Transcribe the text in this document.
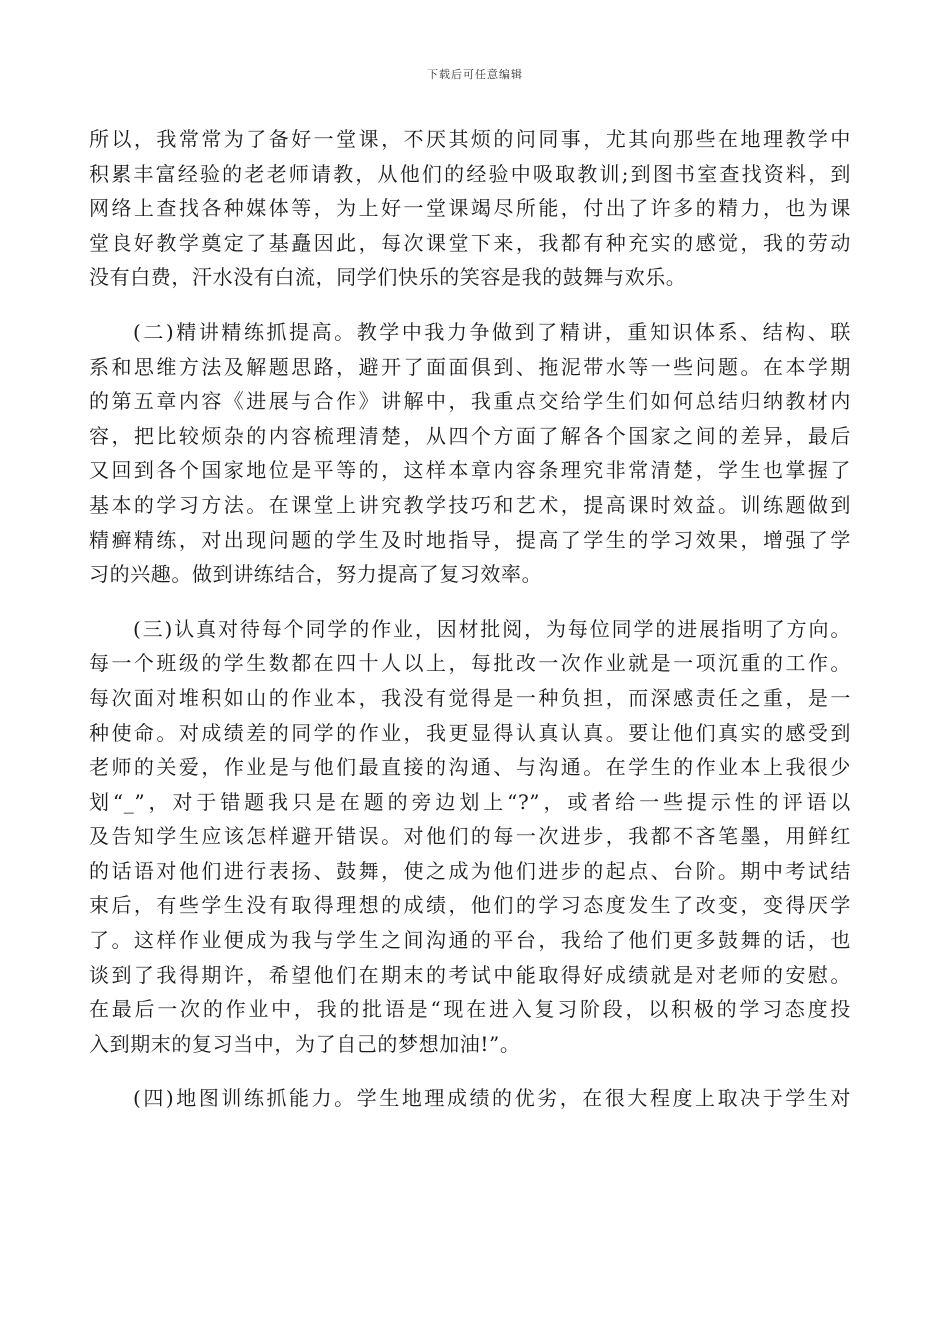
下载后可任意编辑
所以，我常常为了备好一堂课，不厌其烦的问同事，尤其向那些在地理教学中
积累丰富经验的老老师请教，从他们的经验中吸取教训;到图书室查找资料，到
网络上查找各种媒体等，为上好一堂课竭尽所能，付出了许多的精力，也为课
堂良好教学奠定了基矗因此，每次课堂下来，我都有种充实的感觉，我的劳动
没有白费，汗水没有白流，同学们快乐的笑容是我的鼓舞与欢乐。
(二)精讲精练抓提高。教学中我力争做到了精讲，重知识体系、结构、联
系和思维方法及解题思路，避开了面面俱到、拖泥带水等一些问题。在本学期
的第五章内容《进展与合作》讲解中，我重点交给学生们如何总结归纳教材内
容，把比较烦杂的内容梳理清楚，从四个方面了解各个国家之间的差异，最后
又回到各个国家地位是平等的，这样本章内容条理究非常清楚，学生也掌握了
基本的学习方法。在课堂上讲究教学技巧和艺术，提高课时效益。训练题做到
精癣精练，对出现问题的学生及时地指导，提高了学生的学习效果，增强了学
习的兴趣。做到讲练结合，努力提高了复习效率。
(三)认真对待每个同学的作业，因材批阅，为每位同学的进展指明了方向。
每一个班级的学生数都在四十人以上，每批改一次作业就是一项沉重的工作。
每次面对堆积如山的作业本，我没有觉得是一种负担，而深感责任之重，是一
种使命。对成绩差的同学的作业，我更显得认真认真。要让他们真实的感受到
老师的关爱，作业是与他们最直接的沟通、与沟通。在学生的作业本上我很少
划“_”，对于错题我只是在题的旁边划上“?”，或者给一些提示性的评语以
及告知学生应该怎样避开错误。对他们的每一次进步，我都不吝笔墨，用鲜红
的话语对他们进行表扬、鼓舞，使之成为他们进步的起点、台阶。期中考试结
束后，有些学生没有取得理想的成绩，他们的学习态度发生了改变，变得厌学
了。这样作业便成为我与学生之间沟通的平台，我给了他们更多鼓舞的话，也
谈到了我得期许，希望他们在期末的考试中能取得好成绩就是对老师的安慰。
在最后一次的作业中，我的批语是“现在进入复习阶段，以积极的学习态度投
入到期末的复习当中，为了自己的梦想加油!”。
(四)地图训练抓能力。学生地理成绩的优劣，在很大程度上取决于学生对
